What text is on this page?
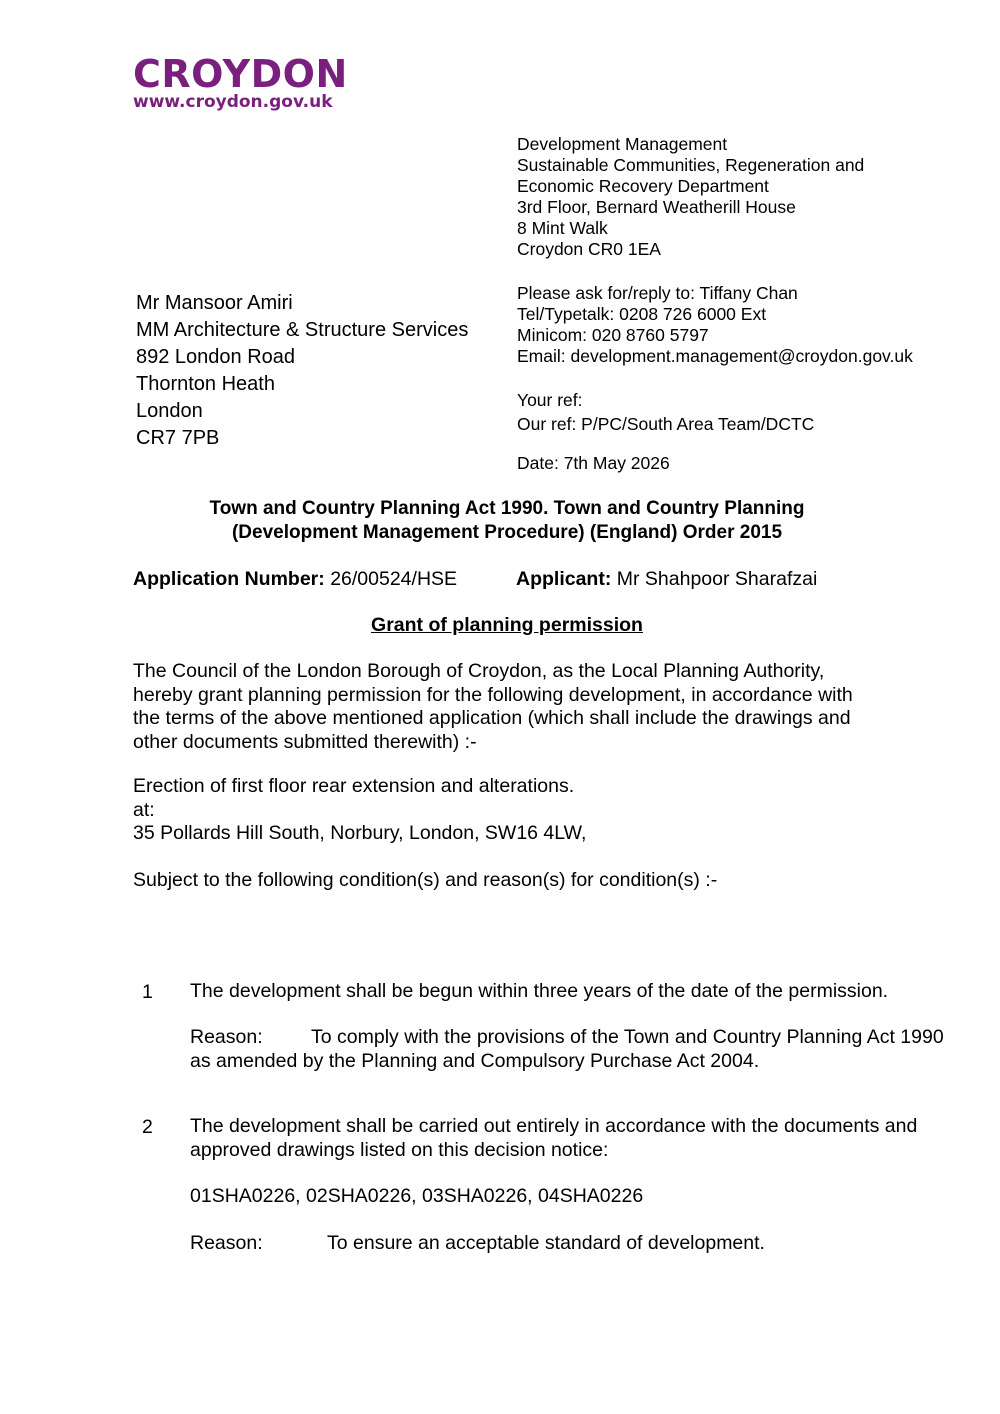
CROYDON
www.croydon.gov.uk
Development Management
Sustainable Communities, Regeneration and
Economic Recovery Department
3rd Floor, Bernard Weatherill House
8 Mint Walk
Croydon CR0 1EA
Please ask for/reply to: Tiffany Chan
Tel/Typetalk: 0208 726 6000 Ext
Minicom: 020 8760 5797
Email: development.management@croydon.gov.uk
Your ref:
Our ref: P/PC/South Area Team/DCTC
Date: 7th May 2026
Mr Mansoor Amiri
MM Architecture & Structure Services
892 London Road
Thornton Heath
London
CR7 7PB
Town and Country Planning Act 1990. Town and Country Planning
(Development Management Procedure) (England) Order 2015
Application Number: 26/00524/HSE	Applicant: Mr Shahpoor Sharafzai
Grant of planning permission
The Council of the London Borough of Croydon, as the Local Planning Authority,
hereby grant planning permission for the following development, in accordance with
the terms of the above mentioned application (which shall include the drawings and
other documents submitted therewith) :-
Erection of first floor rear extension and alterations.
at:
35 Pollards Hill South, Norbury, London, SW16 4LW,
Subject to the following condition(s) and reason(s) for condition(s) :-
1 The development shall be begun within three years of the date of the permission.
Reason: To comply with the provisions of the Town and Country Planning Act 1990
as amended by the Planning and Compulsory Purchase Act 2004.
2 The development shall be carried out entirely in accordance with the documents and
approved drawings listed on this decision notice:
01SHA0226, 02SHA0226, 03SHA0226, 04SHA0226
Reason:	To ensure an acceptable standard of development.
